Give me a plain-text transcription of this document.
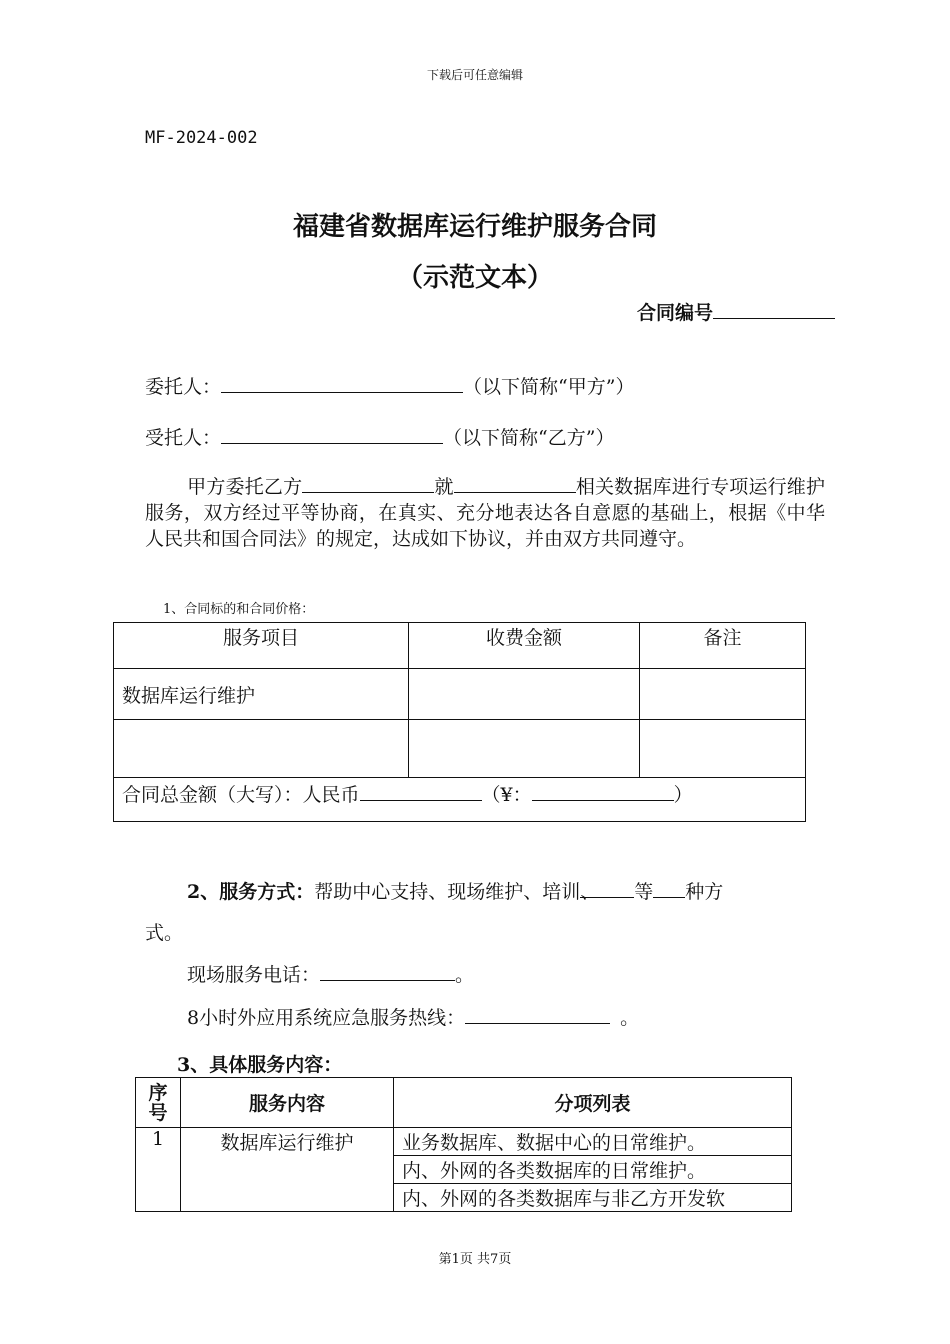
下载后可任意编辑
MF-2024-002
福建省数据库运行维护服务合同
（示范文本）
合同编号
委托人：	（以下简称“甲方”）
受托人：	（以下简称“乙方”）
甲方委托乙方	就	相关数据库进行专项运行维护服务，双方经过平等协商，在真实、充分地表达各自意愿的基础上，根据《中华人民共和国合同法》的规定，达成如下协议，并由双方共同遵守。
1、合同标的和合同价格：
服务项目	收费金额	备注
数据库运行维护		

合同总金额（大写）：人民币 （¥： ）		
2、服务方式：帮助中心支持、现场维护、培训、 等 种方
式。
现场服务电话：	。
8小时外应用系统应急服务热线：	。
3、具体服务内容：
序号	服务内容	分项列表
1	数据库运行维护	业务数据库、数据中心的日常维护。
		内、外网的各类数据库的日常维护。
		内、外网的各类数据库与非乙方开发软
第1页 共7页
